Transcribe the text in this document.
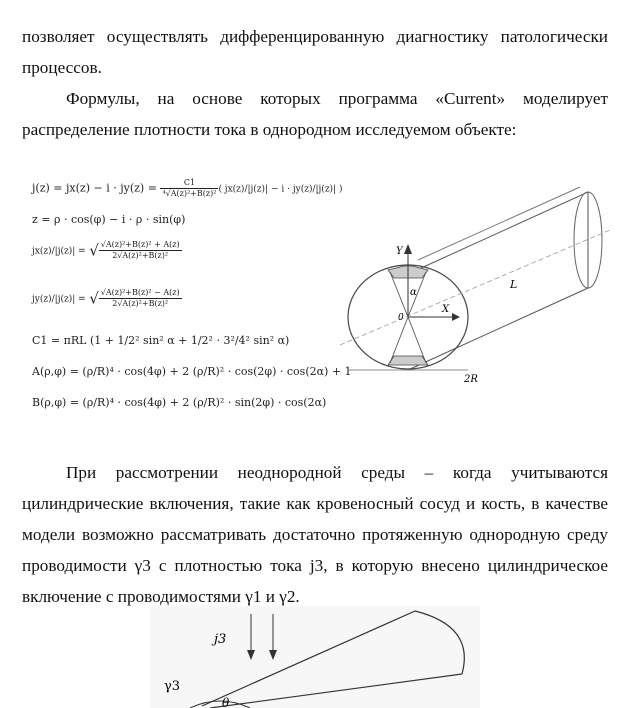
позволяет осуществлять дифференцированную диагностику патологически процессов.

Формулы, на основе которых программа «Current» моделирует распределение плотности тока в однородном исследуемом объекте:

$j(z) = jx(z) - i \cdot jy(z) = \frac{C1}{\text{⁴√A(z)²+B(z)²}}$ ( jx(z)/|j(z)| − i · jy(z)/|j(z)| )
z = ρ · cos(φ) − i · ρ · sin(φ)
jx(z)/|j(z)| = √ $\frac{\text{√A(z)²+B(z)² + A(z)}}{\text{2√A(z)²+B(z)²}}$
jy(z)/|j(z)| = √ $\frac{\text{√A(z)²+B(z)² − A(z)}}{\text{2√A(z)²+B(z)²}}$
C1 = πRL (1 + 1/2² sin² α + 1/2² · 3²/4² sin² α)
A(ρ,φ) = (ρ/R)⁴ · cos(4φ) + 2 (ρ/R)² · cos(2φ) · cos(2α) + 1
B(ρ,φ) = (ρ/R)⁴ · cos(4φ) + 2 (ρ/R)² · sin(2φ) · cos(2α)
Y
X
α
L
0
2R

При рассмотрении неоднородной среды – когда учитываются цилиндрические включения, такие как кровеносный сосуд и кость, в качестве модели возможно рассматривать достаточно протяженную однородную среду проводимости γ3 с плотностью тока j3, в которую внесено цилиндрическое включение с проводимостями γ1 и γ2.

j3
γ3
θ
